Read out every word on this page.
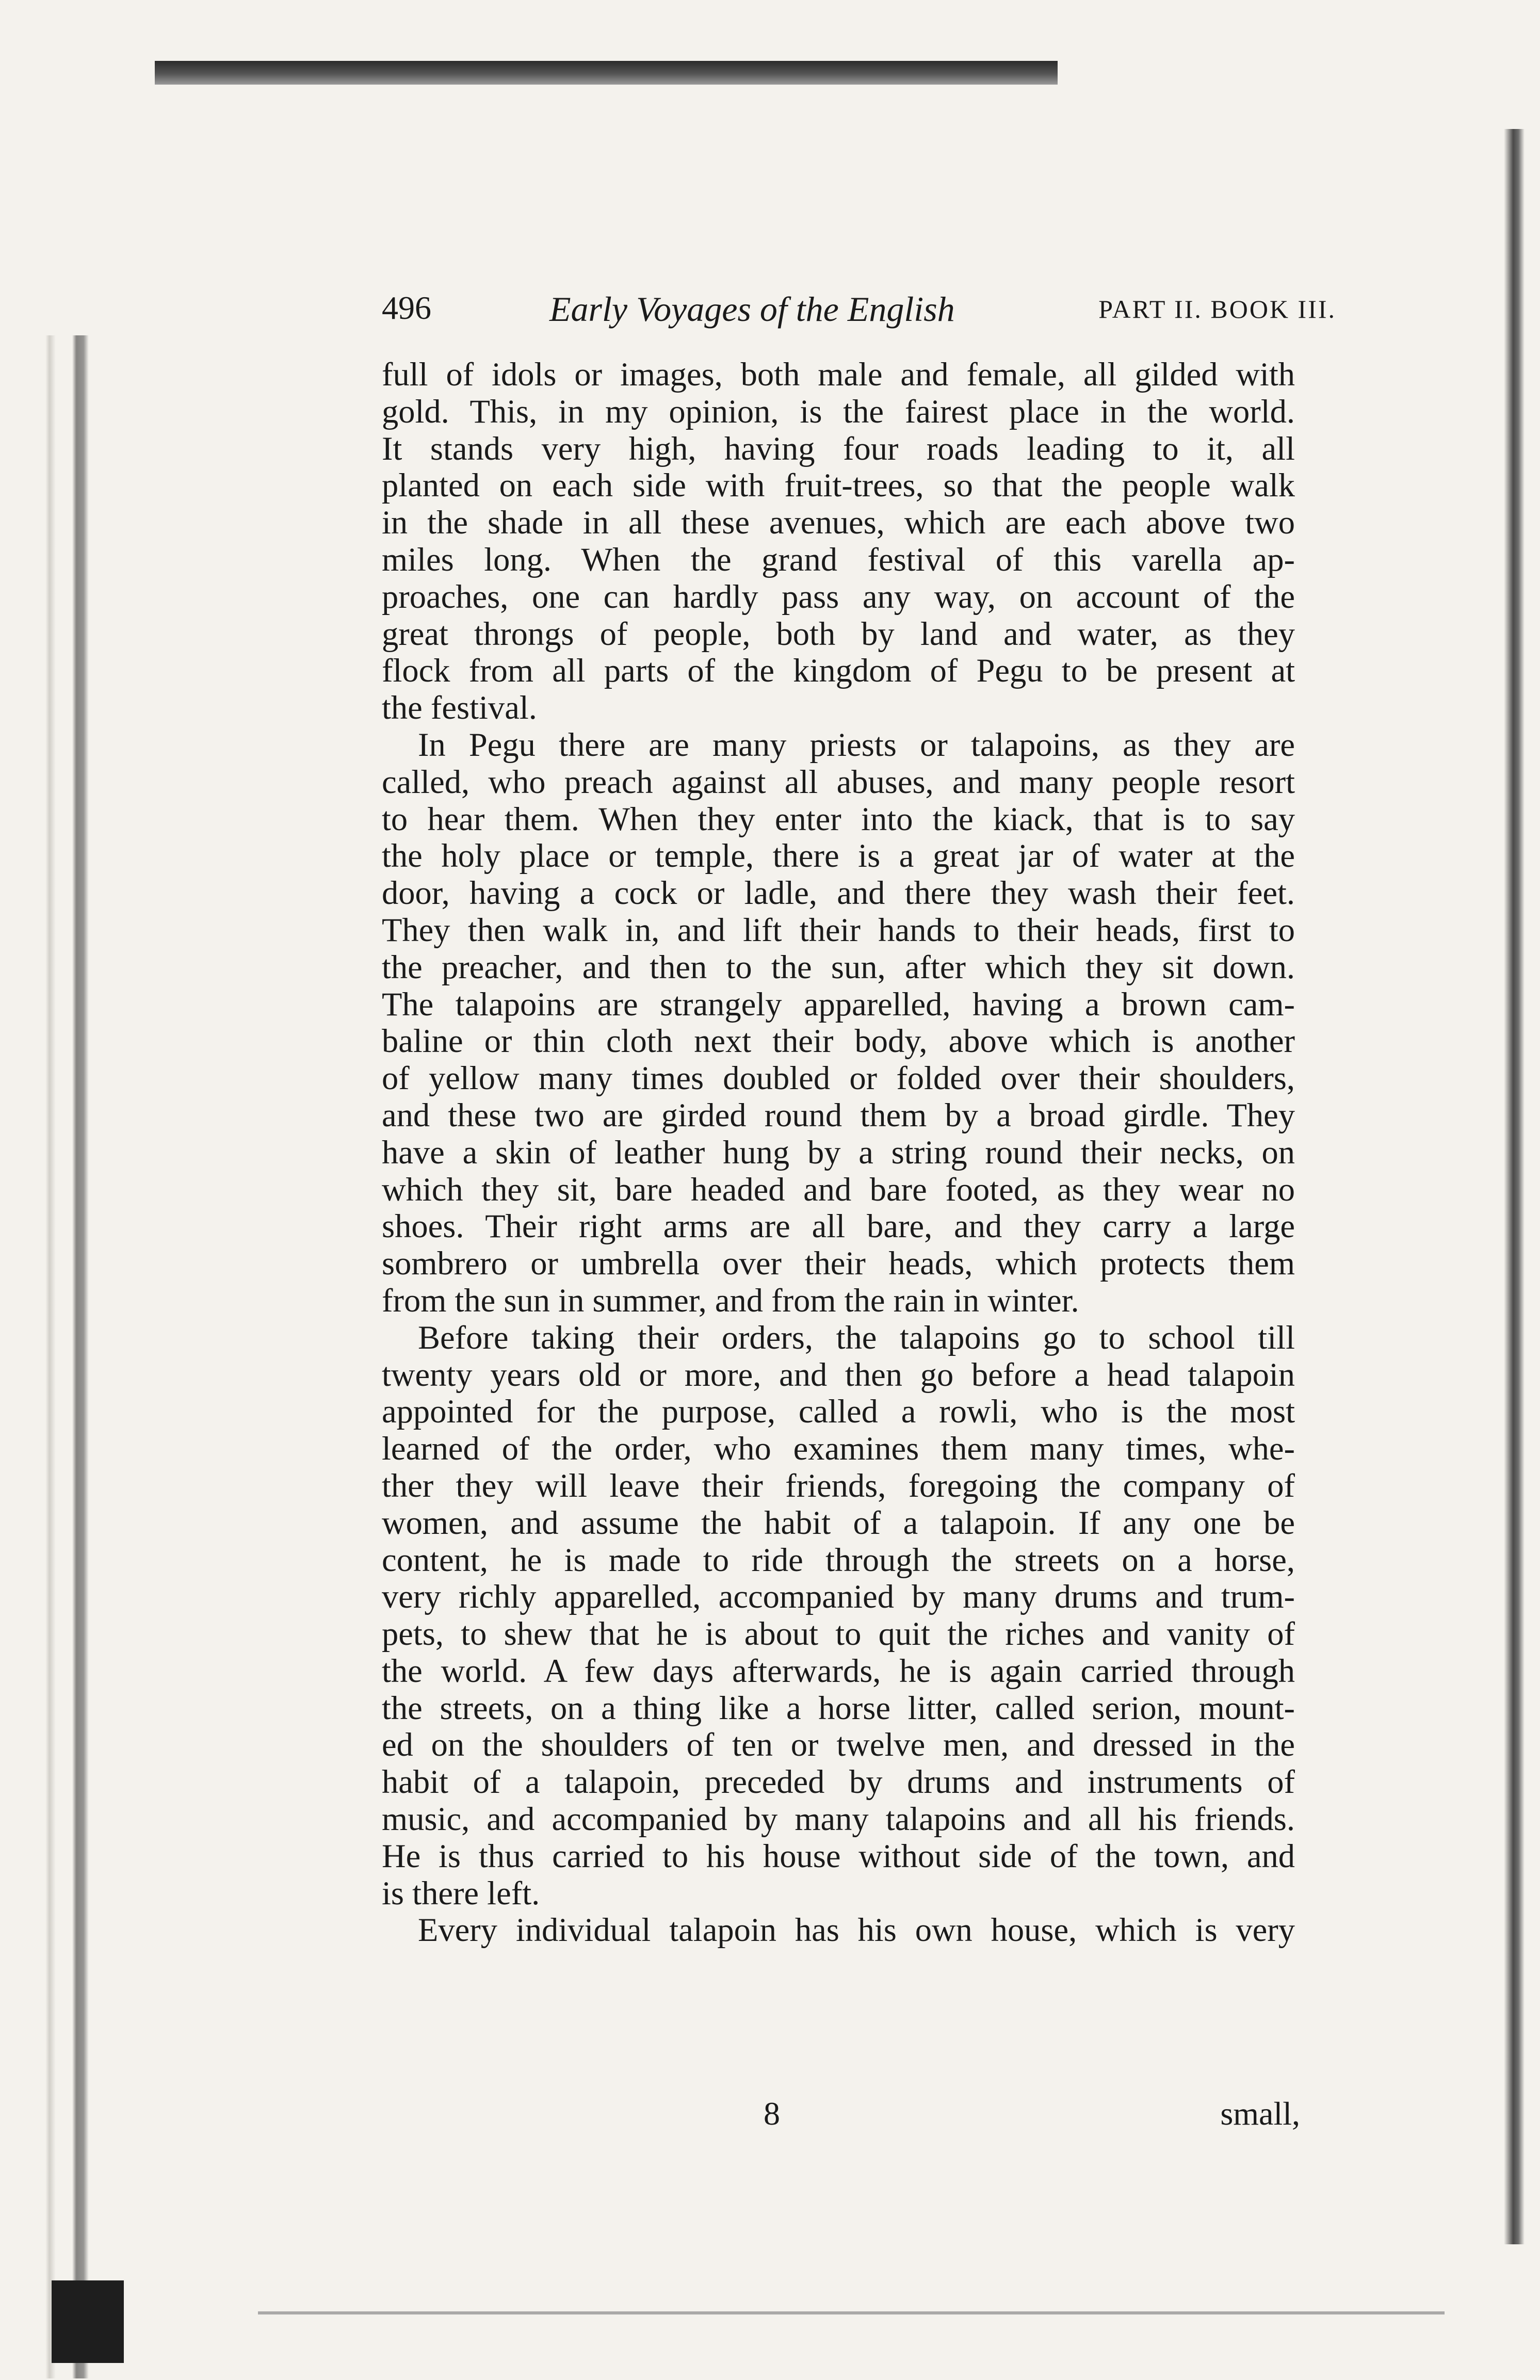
496	Early Voyages of the English	PART II. BOOK III.
full of idols or images, both male and female, all gilded with
gold. This, in my opinion, is the fairest place in the world.
It stands very high, having four roads leading to it, all
planted on each side with fruit-trees, so that the people walk
in the shade in all these avenues, which are each above two
miles long. When the grand festival of this varella ap-
proaches, one can hardly pass any way, on account of the
great throngs of people, both by land and water, as they
flock from all parts of the kingdom of Pegu to be present at
the festival.
In Pegu there are many priests or talapoins, as they are
called, who preach against all abuses, and many people resort
to hear them. When they enter into the kiack, that is to say
the holy place or temple, there is a great jar of water at the
door, having a cock or ladle, and there they wash their feet.
They then walk in, and lift their hands to their heads, first to
the preacher, and then to the sun, after which they sit down.
The talapoins are strangely apparelled, having a brown cam-
baline or thin cloth next their body, above which is another
of yellow many times doubled or folded over their shoulders,
and these two are girded round them by a broad girdle. They
have a skin of leather hung by a string round their necks, on
which they sit, bare headed and bare footed, as they wear no
shoes. Their right arms are all bare, and they carry a large
sombrero or umbrella over their heads, which protects them
from the sun in summer, and from the rain in winter.
Before taking their orders, the talapoins go to school till
twenty years old or more, and then go before a head talapoin
appointed for the purpose, called a rowli, who is the most
learned of the order, who examines them many times, whe-
ther they will leave their friends, foregoing the company of
women, and assume the habit of a talapoin. If any one be
content, he is made to ride through the streets on a horse,
very richly apparelled, accompanied by many drums and trum-
pets, to shew that he is about to quit the riches and vanity of
the world. A few days afterwards, he is again carried through
the streets, on a thing like a horse litter, called serion, mount-
ed on the shoulders of ten or twelve men, and dressed in the
habit of a talapoin, preceded by drums and instruments of
music, and accompanied by many talapoins and all his friends.
He is thus carried to his house without side of the town, and
is there left.
Every individual talapoin has his own house, which is very
8	small,
